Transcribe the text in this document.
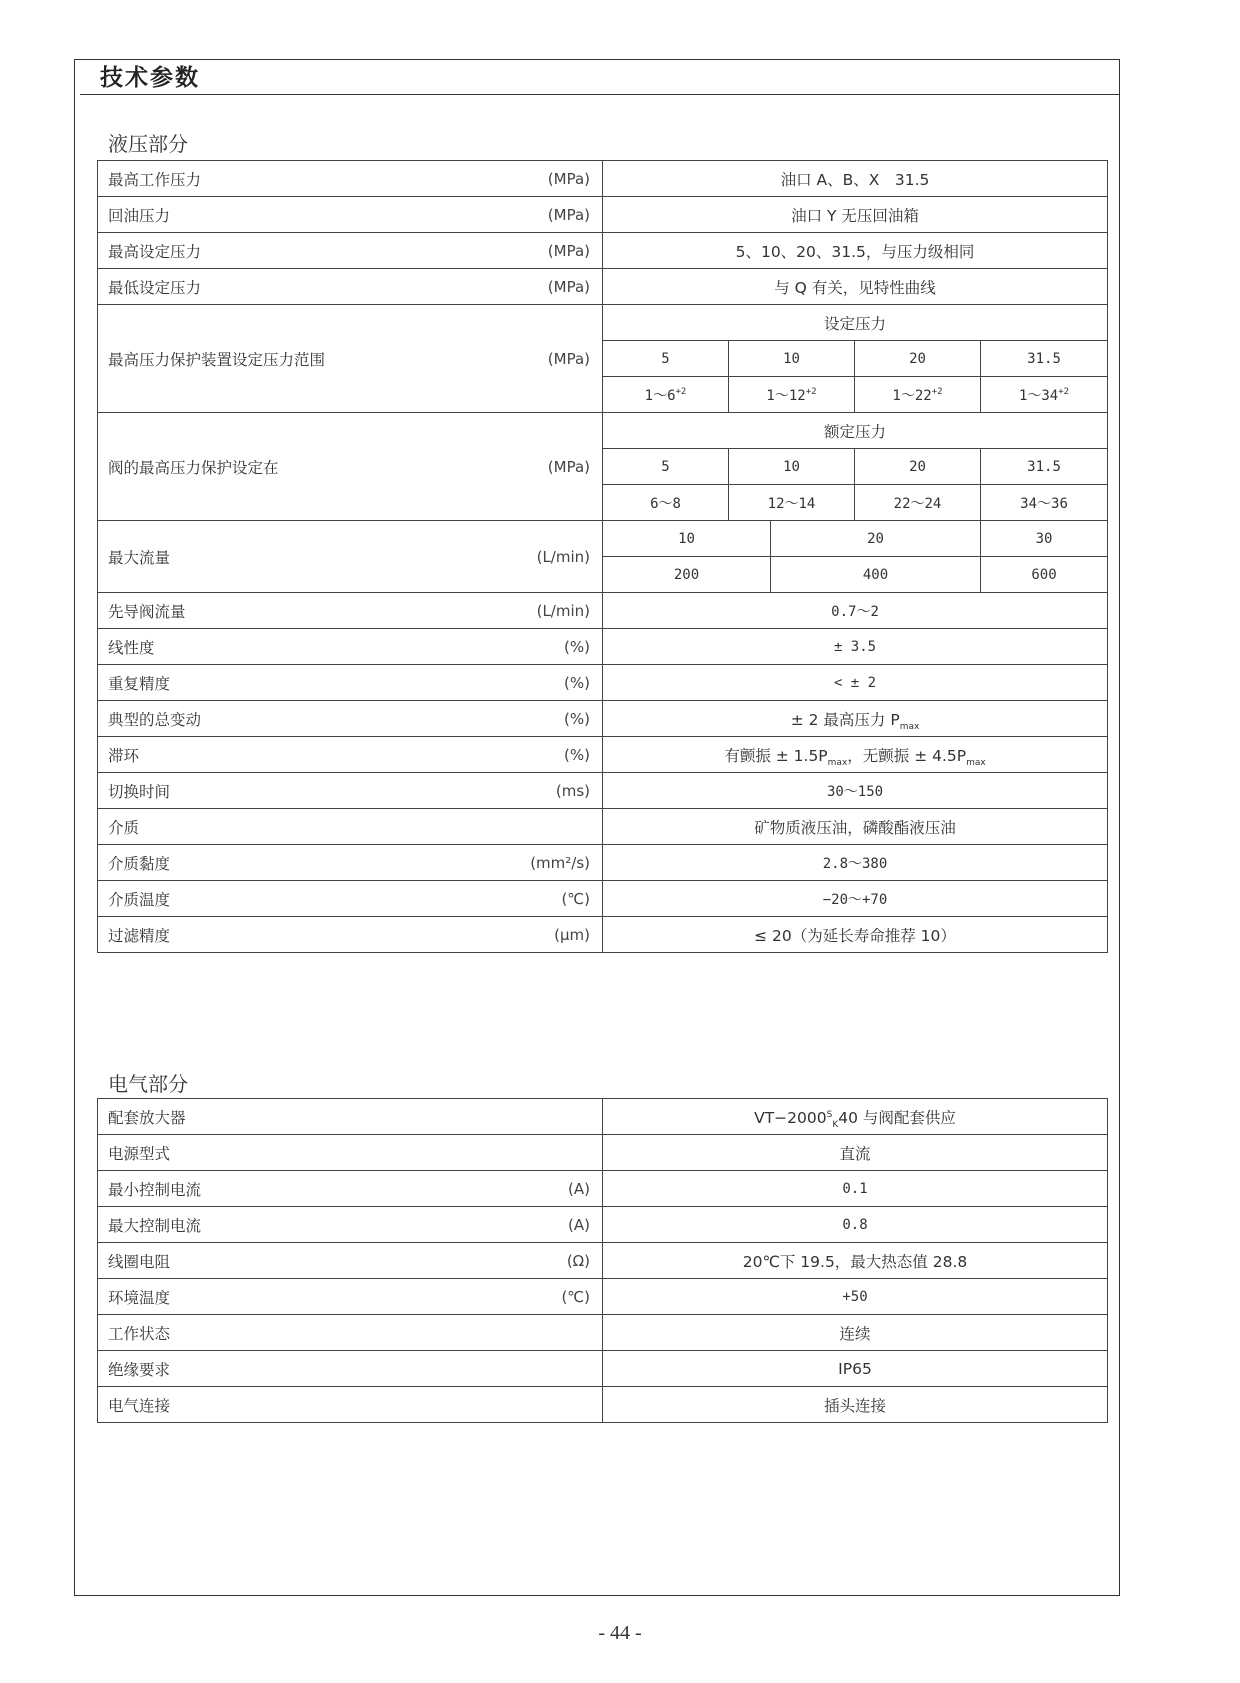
技术参数
液压部分
最高工作压力 (MPa)	油口 A、B、X　31.5				

回油压力 (MPa)	油口 Y 无压回油箱				

最高设定压力 (MPa)	5、10、20、31.5，与压力级相同				

最低设定压力 (MPa)	与 Q 有关，见特性曲线				

最高压力保护装置设定压力范围 (MPa)	设定压力				
	5	10		20	31.5
	$1\sim 6^{+2}$	$1\sim 12^{+2}$		$1\sim 22^{+2}$	$1\sim 34^{+2}$

阀的最高压力保护设定在 (MPa)	额定压力				
	5	10		20	31.5
	6～8	12～14		22～24	34～36

最大流量 (L/min)	10		20		30
	200		400		600

先导阀流量 (L/min)	0.7～2				

线性度 (%)	± 3.5				

重复精度 (%)	< ± 2				

典型的总变动 (%)	± 2 最高压力 $P_{max}$

滞环 (%)	有颤振 ± $1.5P_{max}$，无颤振 ± $4.5P_{max}$

切换时间 (ms)	30～150				

介质	矿物质液压油，磷酸酯液压油				

介质黏度 (mm²/s)	2.8～380				

介质温度 (℃)	−20～+70				

过滤精度 (μm)	≤ 20（为延长寿命推荐 10）				
电气部分
配套放大器	$VT-2000^S_K40$ 与阀配套供应

电源型式	直流

最小控制电流 (A)	0.1

最大控制电流 (A)	0.8

线圈电阻 (Ω)	20℃下 19.5，最大热态值 28.8

环境温度 (℃)	+50

工作状态	连续

绝缘要求	IP65

电气连接	插头连接
- 44 -
